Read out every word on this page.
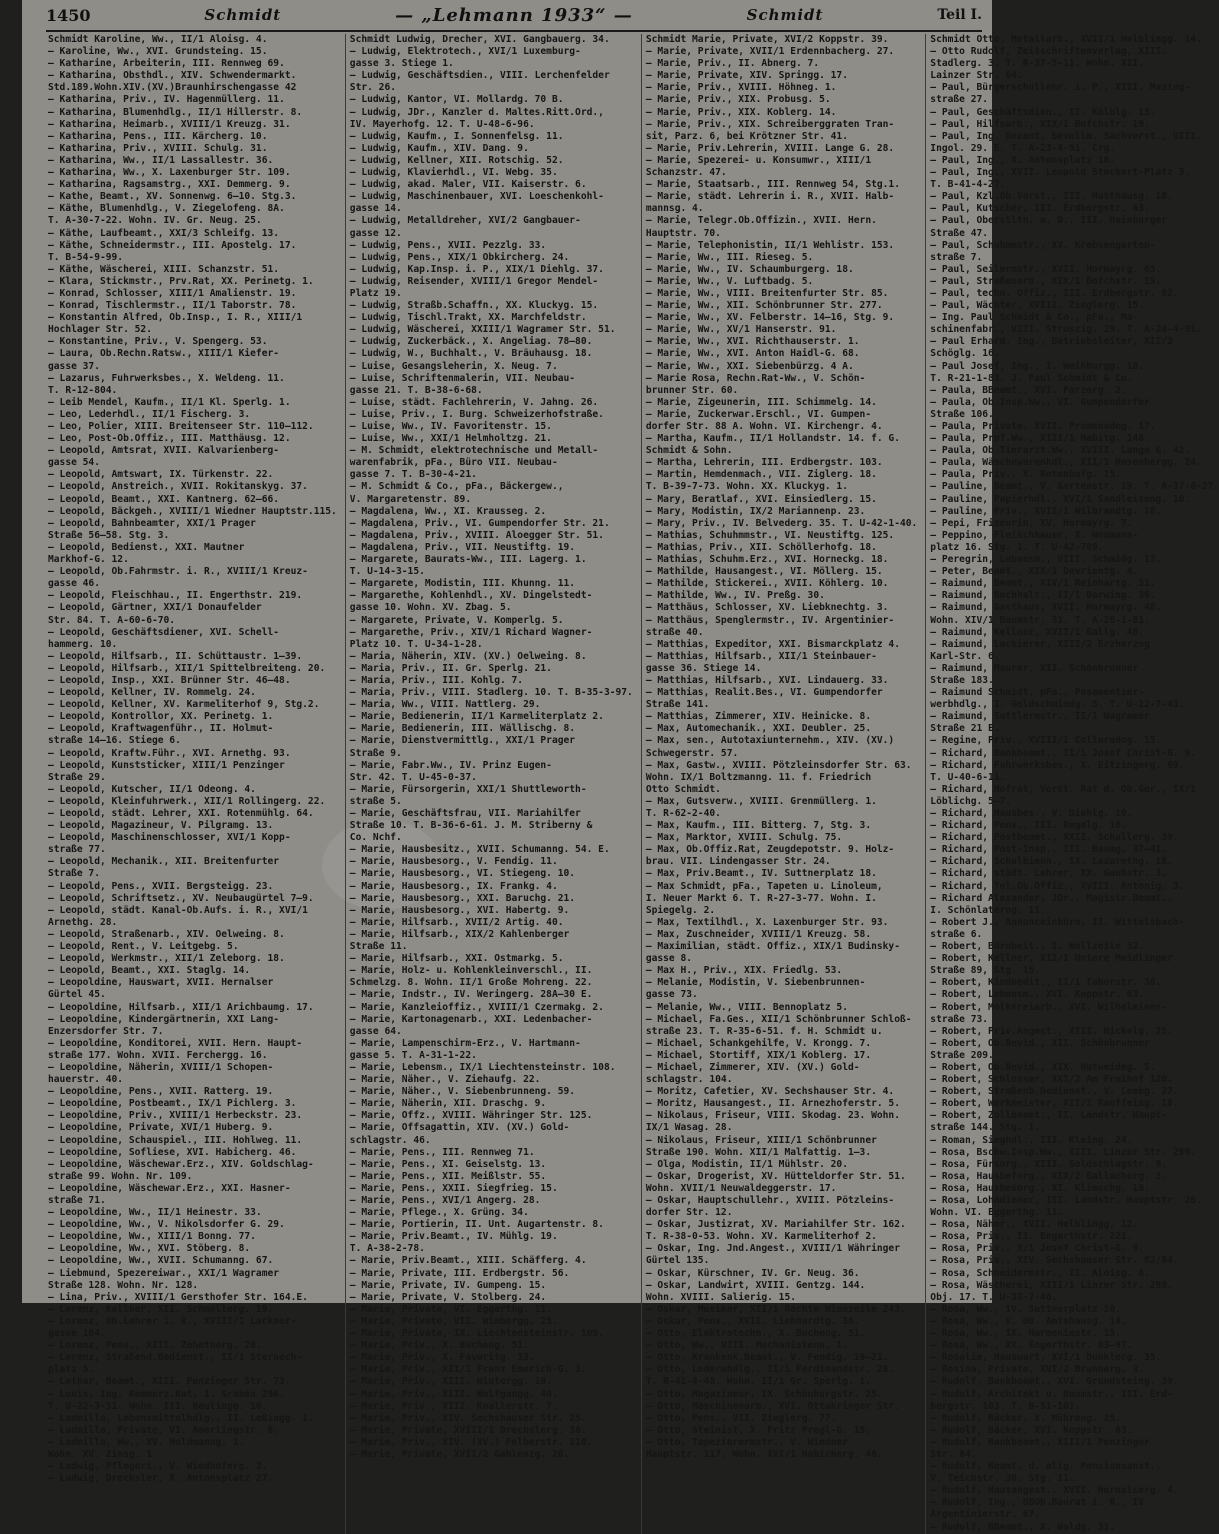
1450	Schmidt	— „Lehmann 1933“ —	Schmidt	Teil I.
Schmidt Karoline, Ww., II/1 Aloisg. 4.
– Karoline, Ww., XVI. Grundsteing. 15.
– Katharine, Arbeiterin, III. Rennweg 69.
– Katharina, Obsthdl., XIV. Schwendermarkt.
Std.189.Wohn.XIV.(XV.)Braunhirschengasse 42
– Katharina, Priv., IV. Hagenmüllerg. 11.
– Katharina, Blumenhdlg., II/1 Hillerstr. 8.
– Katharina, Heimarb., XVIII/1 Kreuzg. 31.
– Katharina, Pens., III. Kärcherg. 10.
– Katharina, Priv., XVIII. Schulg. 31.
– Katharina, Ww., II/1 Lassallestr. 36.
– Katharina, Ww., X. Laxenburger Str. 109.
– Katharina, Ragsamstrg., XXI. Demmerg. 9.
– Kathe, Beamt., XV. Sonnenwg. 6–10. Stg.3.
– Käthe, Blumenhdlg., V. Ziegelofeng. 8A.
T. A-30-7-22. Wohn. IV. Gr. Neug. 25.
– Käthe, Laufbeamt., XXI/3 Schleifg. 13.
– Käthe, Schneidermstr., III. Apostelg. 17.
T. B-54-9-99.
– Käthe, Wäscherei, XIII. Schanzstr. 51.
– Klara, Stickmstr., Prv.Rat, XX. Perinetg. 1.
– Konrad, Schlosser, XIII/1 Amalienstr. 19.
– Konrad, Tischlermstr., II/1 Taborstr. 78.
– Konstantin Alfred, Ob.Insp., I. R., XIII/1
Hochlager Str. 52.
– Konstantine, Priv., V. Spengerg. 53.
– Laura, Ob.Rechn.Ratsw., XIII/1 Kiefer-
gasse 37.
– Lazarus, Fuhrwerksbes., X. Weldeng. 11.
T. R-12-804.
– Leib Mendel, Kaufm., II/1 Kl. Sperlg. 1.
– Leo, Lederhdl., II/1 Fischerg. 3.
– Leo, Polier, XIII. Breitenseer Str. 110–112.
– Leo, Post-Ob.Offiz., III. Matthäusg. 12.
– Leopold, Amtsrat, XVII. Kalvarienberg-
gasse 54.
– Leopold, Amtswart, IX. Türkenstr. 22.
– Leopold, Anstreich., XVII. Rokitanskyg. 37.
– Leopold, Beamt., XXI. Kantnerg. 62–66.
– Leopold, Bäckgeh., XVIII/1 Wiedner Hauptstr.115.
– Leopold, Bahnbeamter, XXI/1 Prager
Straße 56–58. Stg. 3.
– Leopold, Bedienst., XXI. Mautner
Markhof-G. 12.
– Leopold, Ob.Fahrmstr. i. R., XVIII/1 Kreuz-
gasse 46.
– Leopold, Fleischhau., II. Engerthstr. 219.
– Leopold, Gärtner, XXI/1 Donaufelder
Str. 84. T. A-60-6-70.
– Leopold, Geschäftsdiener, XVI. Schell-
hammerg. 10.
– Leopold, Hilfsarb., II. Schüttaustr. 1–39.
– Leopold, Hilfsarb., XII/1 Spittelbreiteng. 20.
– Leopold, Insp., XXI. Brünner Str. 46–48.
– Leopold, Kellner, IV. Rommelg. 24.
– Leopold, Kellner, XV. Karmeliterhof 9, Stg.2.
– Leopold, Kontrollor, XX. Perinetg. 1.
– Leopold, Kraftwagenführ., II. Holmut-
straße 14–16. Stiege 6.
– Leopold, Kraftw.Führ., XVI. Arnethg. 93.
– Leopold, Kunststicker, XIII/1 Penzinger
Straße 29.
– Leopold, Kutscher, II/1 Odeong. 4.
– Leopold, Kleinfuhrwerk., XII/1 Rollingerg. 22.
– Leopold, städt. Lehrer, XXI. Rotenmühlg. 64.
– Leopold, Magazineur, V. Pilgramg. 13.
– Leopold, Maschinenschlosser, XVI/1 Kopp-
straße 77.
– Leopold, Mechanik., XII. Breitenfurter
Straße 7.
– Leopold, Pens., XVII. Bergsteigg. 23.
– Leopold, Schriftsetz., XV. Neubaugürtel 7–9.
– Leopold, städt. Kanal-Ob.Aufs. i. R., XVI/1
Arnethg. 28.
– Leopold, Straßenarb., XIV. Oelweing. 8.
– Leopold, Rent., V. Leitgebg. 5.
– Leopold, Werkmstr., XII/1 Zeleborg. 18.
– Leopold, Beamt., XXI. Staglg. 14.
– Leopoldine, Hauswart, XVII. Hernalser
Gürtel 45.
– Leopoldine, Hilfsarb., XII/1 Arichbaumg. 17.
– Leopoldine, Kindergärtnerin, XXI Lang-
Enzersdorfer Str. 7.
– Leopoldine, Konditorei, XVII. Hern. Haupt-
straße 177. Wohn. XVII. Ferchergg. 16.
– Leopoldine, Näherin, XVIII/1 Schopen-
hauerstr. 40.
– Leopoldine, Pens., XVII. Ratterg. 19.
– Leopoldine, Postbeamt., IX/1 Pichlerg. 3.
– Leopoldine, Priv., XVIII/1 Herbeckstr. 23.
– Leopoldine, Private, XVI/1 Huberg. 9.
– Leopoldine, Schauspiel., III. Hohlweg. 11.
– Leopoldine, Sofliese, XVI. Habicherg. 46.
– Leopoldine, Wäschewar.Erz., XIV. Goldschlag-
straße 99. Wohn. Nr. 109.
– Leopoldine, Wäschewar.Erz., XXI. Hasner-
straße 71.
– Leopoldine, Ww., II/1 Heinestr. 33.
– Leopoldine, Ww., V. Nikolsdorfer G. 29.
– Leopoldine, Ww., XIII/1 Bonng. 77.
– Leopoldine, Ww., XVI. Stöberg. 8.
– Leopoldine, Ww., XVII. Schumanng. 67.
– Liebmund, Spezereiwar., XXI/1 Wagramer
Straße 128. Wohn. Nr. 128.
– Lina, Priv., XVIII/1 Gersthofer Str. 164.E.
– Lorenz, Kellner, XII. Schmöllerg. 19.
– Lorenz, Ob.Lehrer i. R., XVIII/1 Lackner-
gasse 104.
– Lorenz, Pens., XIII. Zehetnerg. 20.
– Lorenz, Straßend.Bedienst., II/1 Sternech-
platz 5.
– Lothar, Beamt., XIII. Penzinger Str. 73.
– Louis, Ing. Kommerz.Rat, I. Graben 29A.
T. U-22-3-51. Wohn. III. Reulingg. 10.
– Ludmilla, Lebensmittelhdlg., II. Leßingg. 1.
– Ludmilla, Private, VI. Amerlingstr. 8.
– Ludmilla, Ww., XV. Holdmanng. 1.
Wohn. XV. Zinsg. 1.
– Ludwig, Pflegeri., V. Wiedhoferg. 3.
– Ludwig, Drechsler, X. Antonsplatz 27.
Schmidt Ludwig, Drecher, XVI. Gangbauerg. 34.
– Ludwig, Elektrotech., XVI/1 Luxemburg-
gasse 3. Stiege 1.
– Ludwig, Geschäftsdien., VIII. Lerchenfelder
Str. 26.
– Ludwig, Kantor, VI. Mollardg. 70 B.
– Ludwig, JDr., Kanzler d. Maltes.Ritt.Ord.,
IV. Mayerhofg. 12. T. U-48-6-96.
– Ludwig, Kaufm., I. Sonnenfelsg. 11.
– Ludwig, Kaufm., XIV. Dang. 9.
– Ludwig, Kellner, XII. Rotschig. 52.
– Ludwig, Klavierhdl., VI. Webg. 35.
– Ludwig, akad. Maler, VII. Kaiserstr. 6.
– Ludwig, Maschinenbauer, XVI. Loeschenkohl-
gasse 14.
– Ludwig, Metalldreher, XVI/2 Gangbauer-
gasse 12.
– Ludwig, Pens., XVII. Pezzlg. 33.
– Ludwig, Pens., XIX/1 Obkircherg. 24.
– Ludwig, Kap.Insp. i. P., XIX/1 Diehlg. 37.
– Ludwig, Reisender, XVIII/1 Gregor Mendel-
Platz 19.
– Ludwig, Straßb.Schaffn., XX. Kluckyg. 15.
– Ludwig, Tischl.Trakt, XX. Marchfeldstr.
– Ludwig, Wäscherei, XXIII/1 Wagramer Str. 51.
– Ludwig, Zuckerbäck., X. Angeliag. 78–80.
– Ludwig, W., Buchhalt., V. Bräuhausg. 18.
– Luise, Gesangsleherin, X. Neug. 7.
– Luise, Schriftenmalerin, VII. Neubau-
gasse 21. T. B-38-6-68.
– Luise, städt. Fachlehrerin, V. Jahng. 26.
– Luise, Priv., I. Burg. Schweizerhofstraße.
– Luise, Ww., IV. Favoritenstr. 15.
– Luise, Ww., XXI/1 Helmholtzg. 21.
– M. Schmidt, elektrotechnische und Metall-
warenfabrik, pFa., Büro VII. Neubau-
gasse 7. T. B-30-4-21.
– M. Schmidt & Co., pFa., Bäckergew.,
V. Margaretenstr. 89.
– Magdalena, Ww., XI. Krausseg. 2.
– Magdalena, Priv., VI. Gumpendorfer Str. 21.
– Magdalena, Priv., XVIII. Aloegger Str. 51.
– Magdalena, Priv., VII. Neustiftg. 19.
– Margarete, Baurats-Ww., III. Lagerg. 1.
T. U-14-3-15.
– Margarete, Modistin, III. Khunng. 11.
– Margarethe, Kohlenhdl., XV. Dingelstedt-
gasse 10. Wohn. XV. Zbag. 5.
– Margarete, Private, V. Komperlg. 5.
– Margarethe, Priv., XIV/1 Richard Wagner-
Platz 10. T. U-34-1-28.
– Maria, Näherin, XIV. (XV.) Oelweing. 8.
– Maria, Priv., II. Gr. Sperlg. 21.
– Maria, Priv., III. Kohlg. 7.
– Maria, Priv., VIII. Stadlerg. 10. T. B-35-3-97.
– Maria, Ww., VIII. Nattlerg. 29.
– Marie, Bedienerin, II/1 Karmeliterplatz 2.
– Marie, Bedienerin, III. Wällischg. 8.
– Marie, Dienstvermittlg., XXI/1 Prager
Straße 9.
– Marie, Fabr.Ww., IV. Prinz Eugen-
Str. 42. T. U-45-0-37.
– Marie, Fürsorgerin, XXI/1 Shuttleworth-
straße 5.
– Marie, Geschäftsfrau, VII. Mariahilfer
Straße 10. T. B-36-6-61. J. M. Striberny &
Co. Nchf.
– Marie, Hausbesitz., XVII. Schumanng. 54. E.
– Marie, Hausbesorg., V. Fendig. 11.
– Marie, Hausbesorg., VI. Stiegeng. 10.
– Marie, Hausbesorg., IX. Frankg. 4.
– Marie, Hausbesorg., XXI. Baruchg. 21.
– Marie, Hausbesorg., XVI. Habertg. 9.
– Marie, Hilfsarb., XVII/2 Artig. 40.
– Marie, Hilfsarb., XIX/2 Kahlenberger
Straße 11.
– Marie, Hilfsarb., XXI. Ostmarkg. 5.
– Marie, Holz- u. Kohlenkleinverschl., II.
Schmelzg. 8. Wohn. II/1 Große Mohreng. 22.
– Marie, Indstr., IV. Weringerg. 28A–30 E.
– Marie, Kanzleioffiz., XVIII/1 Czermakg. 2.
– Marie, Kartonagenarb., XXI. Ledenbacher-
gasse 64.
– Marie, Lampenschirm-Erz., V. Hartmann-
gasse 5. T. A-31-1-22.
– Marie, Lebensm., IX/1 Liechtensteinstr. 108.
– Marie, Näher., V. Ziehaufg. 22.
– Marie, Näher., V. Siebenbrunneng. 59.
– Marie, Näherin, XII. Draschg. 9.
– Marie, Offz., XVIII. Währinger Str. 125.
– Marie, Offsagattin, XIV. (XV.) Gold-
schlagstr. 46.
– Marie, Pens., III. Rennweg 71.
– Marie, Pens., XI. Geiselstg. 13.
– Marie, Pens., XII. Meißlstr. 55.
– Marie, Pens., XXII. Siegfrieg. 15.
– Marie, Pens., XVI/1 Angerg. 28.
– Marie, Pflege., X. Grüng. 34.
– Marie, Portierin, II. Unt. Augartenstr. 8.
– Marie, Priv.Beamt., IV. Mühlg. 19.
T. A-38-2-78.
– Marie, Priv.Beamt., XIII. Schäfferg. 4.
– Marie, Private, III. Erdbergstr. 56.
– Marie, Private, IV. Gumpeng. 15.
– Marie, Private, V. Stolberg. 24.
– Marie, Private, VI. Eggerthg. 11.
– Marie, Private, VII. Wimbergg. 25.
– Marie, Private, IX. Liechtensteinstr. 109.
– Marie, Priv., X. Bucheng. 51.
– Marie, Priv., X. Favoritg. 33.
– Marie, Priv., XII/1 Franz Emerich-G. 3.
– Marie, Priv., XIII. Wintergg. 10.
– Marie, Priv., XIII. Wolfgangg. 40.
– Marie, Priv., XIII. Knallerstr. 7.
– Marie, Priv., XIV. Sechshauser Str. 25.
– Marie, Private, XVIII/1 Drechslerg. 36.
– Marie, Priv., XIV. (XV.) Felberstr. 110.
– Marie, Private, XVII/2 Gablenzg. 26.
Schmidt Marie, Private, XVI/2 Koppstr. 39.
– Marie, Private, XVII/1 Erdennbacherg. 27.
– Marie, Priv., II. Abnerg. 7.
– Marie, Private, XIV. Springg. 17.
– Marie, Priv., XVIII. Höhneg. 1.
– Marie, Priv., XIX. Probusg. 5.
– Marie, Priv., XIX. Koblerg. 14.
– Marie, Priv., XIX. Schreiberggraten Tran-
sit, Parz. 6, bei Krötzner Str. 41.
– Marie, Priv.Lehrerin, XVIII. Lange G. 28.
– Marie, Spezerei- u. Konsumwr., XIII/1
Schanzstr. 47.
– Marie, Staatsarb., III. Rennweg 54, Stg.1.
– Marie, städt. Lehrerin i. R., XVII. Halb-
mannsg. 4.
– Marie, Telegr.Ob.Offizin., XVII. Hern.
Hauptstr. 70.
– Marie, Telephonistin, II/1 Wehlistr. 153.
– Marie, Ww., III. Rieseg. 5.
– Marie, Ww., IV. Schaumburgerg. 18.
– Marie, Ww., V. Luftbadg. 5.
– Marie, Ww., VIII. Breitenfurter Str. 85.
– Marie, Ww., XII. Schönbrunner Str. 277.
– Marie, Ww., XV. Felberstr. 14–16, Stg. 9.
– Marie, Ww., XV/1 Hanserstr. 91.
– Marie, Ww., XVI. Richthauserstr. 1.
– Marie, Ww., XVI. Anton Haidl-G. 68.
– Marie, Ww., XXI. Siebenbürzg. 4 A.
– Marie Rosa, Rechn.Rat-Ww., V. Schön-
brunner Str. 60.
– Marie, Zigeunerin, III. Schimmelg. 14.
– Marie, Zuckerwar.Erschl., VI. Gumpen-
dorfer Str. 88 A. Wohn. VI. Kirchengr. 4.
– Martha, Kaufm., II/1 Hollandstr. 14. f. G.
Schmidt & Sohn.
– Martha, Lehrerin, III. Erdbergstr. 103.
– Martin, Hemdenmach., VII. Ziglerg. 18.
T. B-39-7-73. Wohn. XX. Kluckyg. 1.
– Mary, Beratlaf., XVI. Einsiedlerg. 15.
– Mary, Modistin, IX/2 Mariannenp. 23.
– Mary, Priv., IV. Belvederg. 35. T. U-42-1-40.
– Mathias, Schuhmmstr., VI. Neustiftg. 125.
– Mathias, Priv., XII. Schöllerhofg. 18.
– Mathias, Schuhm.Erz., XVI. Horneckg. 18.
– Mathilde, Hausangest., VI. Möllerg. 15.
– Mathilde, Stickerei., XVII. Köhlerg. 10.
– Mathilde, Ww., IV. Preßg. 30.
– Matthäus, Schlosser, XV. Liebknechtg. 3.
– Matthäus, Spenglermstr., IV. Argentinier-
straße 40.
– Matthias, Expeditor, XXI. Bismarckplatz 4.
– Matthias, Hilfsarb., XII/1 Steinbauer-
gasse 36. Stiege 14.
– Matthias, Hilfsarb., XVI. Lindauerg. 33.
– Matthias, Realit.Bes., VI. Gumpendorfer
Straße 141.
– Matthias, Zimmerer, XIV. Heinicke. 8.
– Max, Automechanik., XXI. Deubler. 25.
– Max, sen., Autotaxiunternehm., XIV. (XV.)
Schwegerstr. 57.
– Max, Gastw., XVIII. Pötzleinsdorfer Str. 63.
Wohn. IX/1 Boltzmanng. 11. f. Friedrich
Otto Schmidt.
– Max, Gutsverw., XVIII. Grenmüllerg. 1.
T. R-62-2-40.
– Max, Kaufm., III. Bitterg. 7, Stg. 3.
– Max, Marktor, XVIII. Schulg. 75.
– Max, Ob.Offiz.Rat, Zeugdepotstr. 9. Holz-
brau. VII. Lindengasser Str. 24.
– Max, Priv.Beamt., IV. Suttnerplatz 18.
– Max Schmidt, pFa., Tapeten u. Linoleum,
I. Neuer Markt 6. T. R-27-3-77. Wohn. I.
Spiegelg. 2.
– Max, Textilhdl., X. Laxenburger Str. 93.
– Max, Zuschneider, XVIII/1 Kreuzg. 58.
– Maximilian, städt. Offiz., XIX/1 Budinsky-
gasse 8.
– Max H., Priv., XIX. Friedlg. 53.
– Melanie, Modistin, V. Siebenbrunnen-
gasse 73.
– Melanie, Ww., VIII. Bennoplatz 5.
– Michael, Fa.Ges., XII/1 Schönbrunner Schloß-
straße 23. T. R-35-6-51. f. H. Schmidt u.
– Michael, Schankgehilfe, V. Krongg. 7.
– Michael, Stortiff, XIX/1 Koblerg. 17.
– Michael, Zimmerer, XIV. (XV.) Gold-
schlagstr. 104.
– Moritz, Cafetier, XV. Sechshauser Str. 4.
– Moritz, Hausangest., II. Arnezhoferstr. 5.
– Nikolaus, Friseur, VIII. Skodag. 23. Wohn.
IX/1 Wasag. 28.
– Nikolaus, Friseur, XIII/1 Schönbrunner
Straße 190. Wohn. XII/1 Malfattig. 1–3.
– Olga, Modistin, II/1 Mühlstr. 20.
– Oskar, Drogerist, XV. Hütteldorfer Str. 51.
Wohn. XVII/1 Neuwaldeggerstr. 17.
– Oskar, Hauptschullehr., XVIII. Pötzleins-
dorfer Str. 12.
– Oskar, Justizrat, XV. Mariahilfer Str. 162.
T. R-38-0-53. Wohn. XV. Karmeliterhof 2.
– Oskar, Ing. Jnd.Angest., XVIII/1 Währinger
Gürtel 135.
– Oskar, Kürschner, IV. Gr. Neug. 36.
– Oskar, Landwirt, XVIII. Gentzg. 144.
Wohn. XVIII. Salierig. 15.
– Oskar, Musiker, XII/1 Rechte Wienzeile 243.
– Oskar, Pens., XVII. Liebhardtg. 36.
– Otto, Elektrotechn., X. Bucheng. 51.
– Otto, Ww., VIII. Mechanistenn. 1.
– Otto, Krankenk.Beamt., V. Fendig. 19–21.
– Otto, Ledermhdlg., II/1 Ferdinandstr. 28.
T. R-41-4-48. Wohn. II/1 Gr. Sperlg. 1.
– Otto, Magazineur, IX. Schönburgstr. 25.
– Otto, Maschinenarb., XVI. Ottakringer Str.
– Otto, Pens., VII. Zieglerg. 77.
– Otto, Steinist, X. Fritz Pregl-G. 15.
– Otto, Tapezierermstr., V. Wiedner
Hauptstr. 117. Wohn. XVI/1 Habicherg. 46.
Schmidt Otto, Metallarb., XVII/1 Helblingg. 14.
– Otto Rudolf, Zeitschriftenverlag, XIII.
Stadlerg. 3. T. R-37-5-11. Wohn. XII.
Lainzer Str. 84.
– Paul, Bürgerschullehr. i. P., XIII. Mazing-
straße 27.
– Paul, Geschäftsdien., II. Kölblg. 13.
– Paul, Hilfsarb., XIX/1 Bofchstr. 19.
– Paul, Ing. Dozent, bevollm. Sachverst., VIII.
Ingol. 29. E. T. A-23-4-91. Crg.
– Paul, Ing., X. Antonsplatz 16.
– Paul, Ing., XVII. Leopold Stockert-Platz 3.
T. B-41-4-27.
– Paul, Kzl.Ob.Vorst., III. Matthäusg. 10.
– Paul, Kutscher, III. Erdbergstr. 63.
– Paul, Oberstltn. a. D., III. Hainburger
Straße 47.
– Paul, Schuhmmstr., XV. Krebsengarten-
straße 7.
– Paul, Seilermstr., XVII. Hormayrg. 65.
– Paul, Straßenarb., XIX/1 Bofchstr. 19.
– Paul, techn. Offiz., III. Erdbergstr. 82.
– Paul, Wächter, XVIII. Zieglerg. 15.
– Ing. Paul Schmidt & Co., pFa., Ma-
schinenfabr., VIII. Stroszig. 29. T. A-24-4-91.
– Paul Erhard, Ing., Betriebsleiter, XII/2
Schöglg. 16.
– Paul Josef, Ing., I. Weihburgg. 18.
T. R-21-1-83. J. Paul Schmidt & Co.
– Paula, BBeamt., XVI. Parzerg. 2.
– Paula, Ob.Insp.Ww., VI. Gumpendorfer
Straße 106.
– Paula, Private, XVII. Promenadeg. 17.
– Paula, Prof.Ww., XIII/1 Habitg. 148.
– Paula, Ob.Tierarzt.Ww., XVIII. Lange G. 42.
– Paula, Wäschewarenhdl., XII/1 Rosenbergg. 24.
– Paula, Priv., X. Rotenhofg. 15.
– Pauline, Beamt., V. Gartenstr. 19. T. A-37-8-27.
– Pauline, Papierhdl., XVI/1 Sandleiteng. 16.
– Pauline, Priv., XVII/1 Wilbrandtg. 18.
– Pepi, Friseurin, XV. Hormayrg. 7.
– Peppino, Fleischhauer, X. Neumann-
platz 16. Stg. 1. T. U-42-709.
– Peregrin, Lebensm., VIII. Schmidg. 13.
– Peter, Beamt., XIX/1 Devrientg. 4.
– Raimund, Beamt., XIV/1 Reinhartg. 31.
– Raimund, Buchhalt., II/1 Darwing. 36.
– Raimund, Gasthaus, XVII. Hormayrg. 48.
Wohn. XIV/1 Baumstr. 31. T. A-26-1-81.
– Raimund, Kellner, XVII/1 Gallg. 40.
– Raimund, Lackierer, XIII/2 Erzherzog
Karl-Str. 6.
– Raimund, Maurer, XII. Schönbrunner
Straße 183.
– Raimund Schmidt, pFa., Posamentier-
werbhdlg., I. Goldschmiedg. 5. T. U-22-7-43.
– Raimund, Sattlermstr., II/1 Wagramer
Straße 21 E.
– Regine, Priv., XVIII/1 Colloredog. 15.
– Richard, Bankbeamt., II/1 Josef Christ-G. 9.
– Richard, Fuhrwerksbes., X. Eitzingerg. 69.
T. U-40-6-11.
– Richard, Hofrat, Vorst. Rat d. Ob.Ger., IX/1
Löblichg. 5–7.
– Richard, Hausbes., V. Diehlg. 10.
– Richard, Pens., III. Regelg. 16.
– Richard, Postbeamt., XXII. Schallerg. 39.
– Richard, Post-Insp., III. Baumg. 37–41.
– Richard, Schulbienn., IX. Lazarethg. 18.
– Richard, städt. Lehrer, XX. Gaußstr. 3.
– Richard, Tel.Ob.Offiz., XVIII. Antonig. 3.
– Richard Alexander, JDr., Magistr.Beamt.,
I. Schönlaterng. 11.
– Robert J., Annonceinbüro, II. Wittelsbach-
straße 6.
– Robert, Bürobeit., I. Wollzeile 32.
– Robert, Kellner, XII/1 Untere Meidlinger
Straße 89, Stg. 15.
– Robert, Kindbedit., II/1 Taborstr. 36.
– Robert, Lebensm., XVI. Koppstr. 63.
– Robert, Molkereiarb., XVI. Wilhelminen-
straße 73.
– Robert, Priv.Angest., XIII. Hickelg. 25.
– Robert, Ob.Revid., XII. Schönbrunner
Straße 209.
– Robert, Ob.Revid., XIX. Hutweideg. 5.
– Robert, Schlosser, XXI/2 Am Freihof 120.
– Robert, Straßenb.Bedienst., V. Leebg. 27.
– Robert, Werkmeister, XII/1 Rauffeing. 18.
– Robert, Zollbeamt., II. Landstr. Haupt-
straße 144. Stg. 1.
– Roman, Sieghdl., III. Kleing. 24.
– Rosa, Bschw.Insp.Ww., XIII. Linzer Str. 299.
– Rosa, Fürsorg., XIII. Goldschlagstr. 9.
– Rosa, Hausbeforg., XIX/2 Gallacherg. 3.
– Rosa, Hausbesorg., XI. Klimschg. 18.
– Rosa, Lohndiener, III. Landstr. Hauptstr. 26.
Wohn. VI. Eggerthg. 11.
– Rosa, Näher., XVII. Helblingg. 12.
– Rosa, Priv., II. Engerthstr. 221.
– Rosa, Priv., X/1 Josef Christ-G. 9.
– Rosa, Priv., XIV. Sechshauser Str. 82/84.
– Rosa, Schneidermstr., II. Aloisg. 4.
– Rosa, Wäscherei, XIII/1 Linzer Str. 299.
Obj. 17. T. U-33-7-46.
– Rosa, Ww., IV. Suttnerplatz 10.
– Rosa, Ww., V. Ob. Amtshausg. 14.
– Rosa, Ww., IX. Harmoniestr. 15.
– Rosa, Ww., XX. Engerthstr. 83–97.
– Rosalie, Hauswart, XVI/1 Dunklerg. 35.
– Rosina, Private, XVI/2 Brunnerg. 3.
– Rudolf, Bankbeamt., XVI. Grundsteing. 39.
– Rudolf, Architekt u. Baumstr., III. Erd-
bergstr. 103. T. B-51-101.
– Rudolf, Bäcker, X. Mühreng. 25.
– Rudolf, Bäcker, XVI. Koppstr. 63.
– Rudolf, Bankbeamt., XIII/1 Penzinger
Str. 84.
– Rudolf, Beamt. d. allg. Pensionsanst.,
V. Teichstr. 30. Stg. 11.
– Rudolf, Hausangest., XVII. Hernalserg. 4.
– Rudolf, Ing., BBOb.Baurat i. R., IV.
Argentinierstr. 67.
– Rudolf, BBeamt., X. Waldg. 31.
